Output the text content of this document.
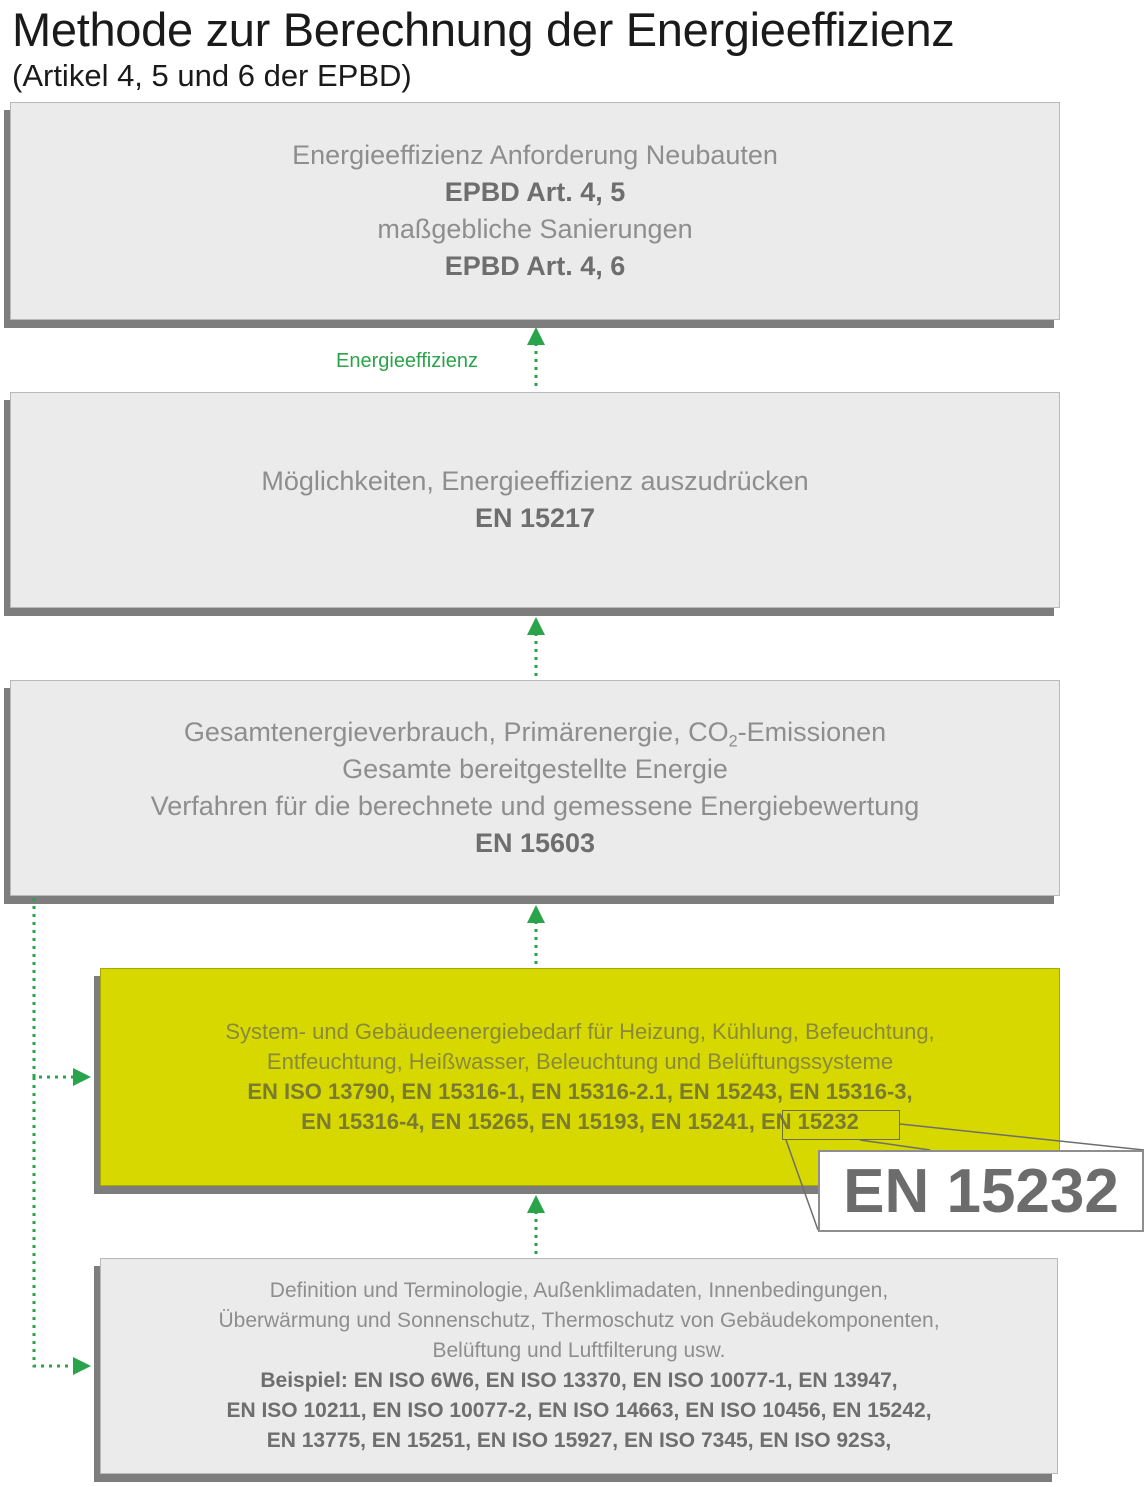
Methode zur Berechnung der Energieeffizienz
(Artikel 4, 5 und 6 der EPBD)
Energieeffizienz Anforderung Neubauten
EPBD Art. 4, 5
maßgebliche Sanierungen
EPBD Art. 4, 6
Energieeffizienz
Möglichkeiten, Energieeffizienz auszudrücken
EN 15217
Gesamtenergieverbrauch, Primärenergie, $CO_2$-Emissionen
Gesamte bereitgestellte Energie
Verfahren für die berechnete und gemessene Energiebewertung
EN 15603
System- und Gebäudeenergiebedarf für Heizung, Kühlung, Befeuchtung,
Entfeuchtung, Heißwasser, Beleuchtung und Belüftungssysteme
EN ISO 13790, EN 15316-1, EN 15316-2.1, EN 15243, EN 15316-3,
EN 15316-4, EN 15265, EN 15193, EN 15241, EN 15232
Definition und Terminologie, Außenklimadaten, Innenbedingungen,
Überwärmung und Sonnenschutz, Thermoschutz von Gebäudekomponenten,
Belüftung und Luftfilterung usw.
Beispiel: EN ISO 6W6, EN ISO 13370, EN ISO 10077-1, EN 13947,
EN ISO 10211, EN ISO 10077-2, EN ISO 14663, EN ISO 10456, EN 15242,
EN 13775, EN 15251, EN ISO 15927, EN ISO 7345, EN ISO 92S3,
EN 15232
